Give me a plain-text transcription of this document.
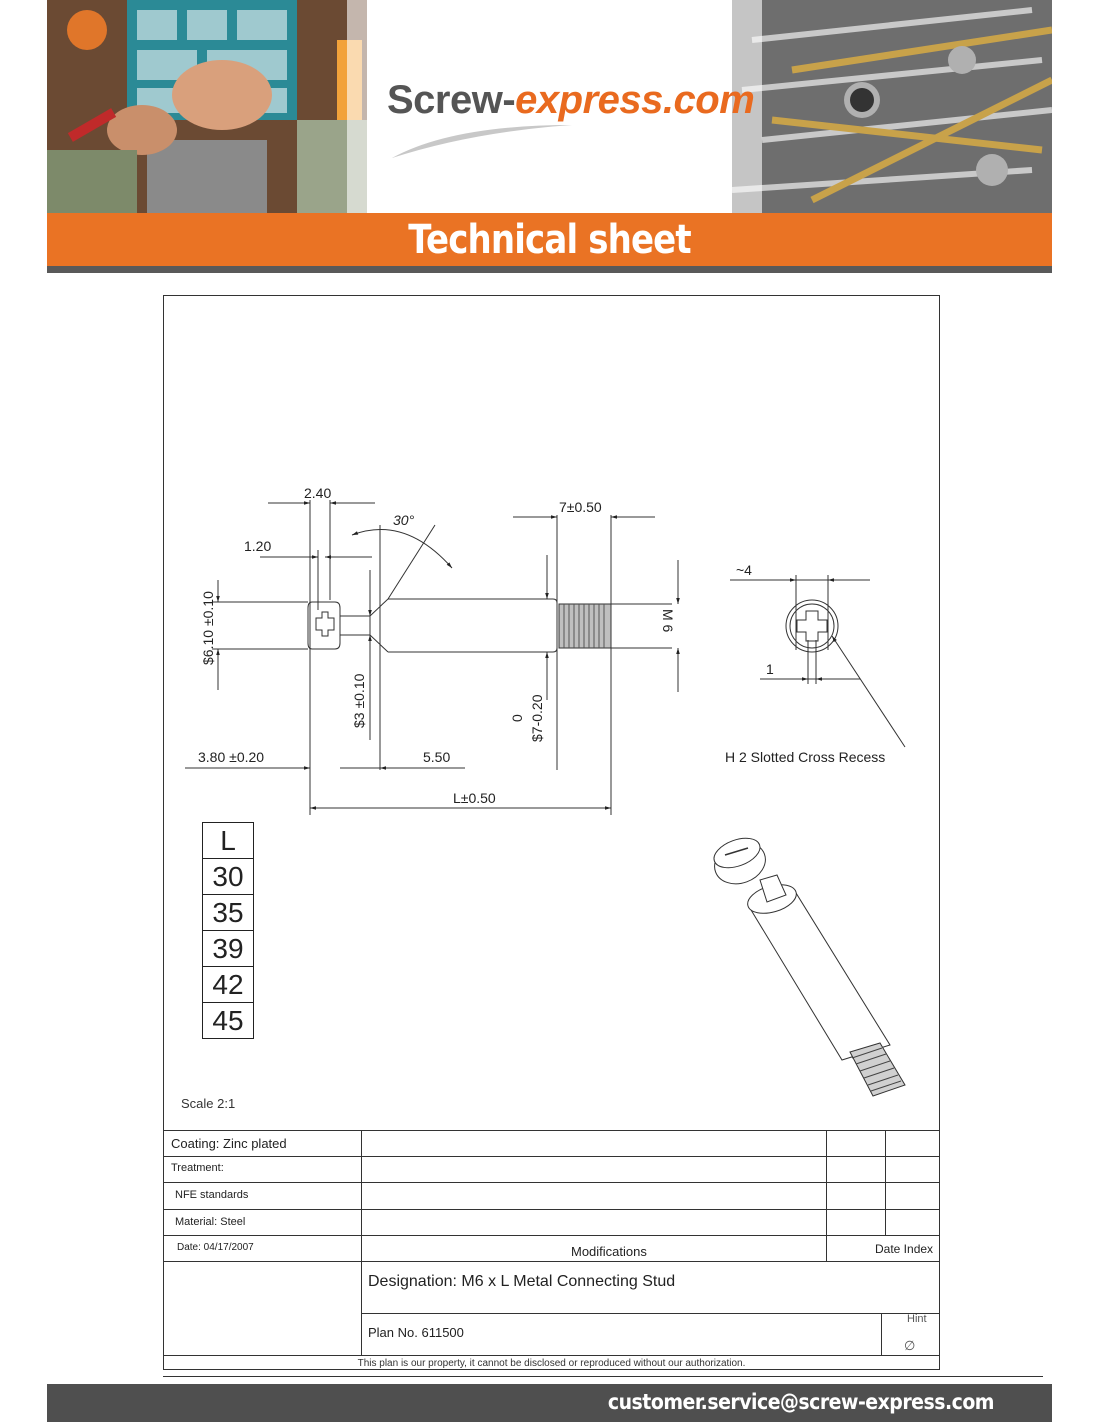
Screw-express.com
Technical sheet
2.40
1.20
30°
7±0.50
$6.10 ±0.10
$3 ±0.10
M 6
0 $7-0.20
3.80 ±0.20	5.50
L±0.50
~4
1
H 2 Slotted Cross Recess
L
30
35
39
42
45
Scale 2:1
Coating: Zinc plated
Treatment:
NFE standards
Material: Steel
Date: 04/17/2007	Modifications	Date Index
Designation: M6 x L Metal Connecting Stud
Plan No. 611500
Hint
∅
This plan is our property, it cannot be disclosed or reproduced without our authorization.
customer.service@screw-express.com
